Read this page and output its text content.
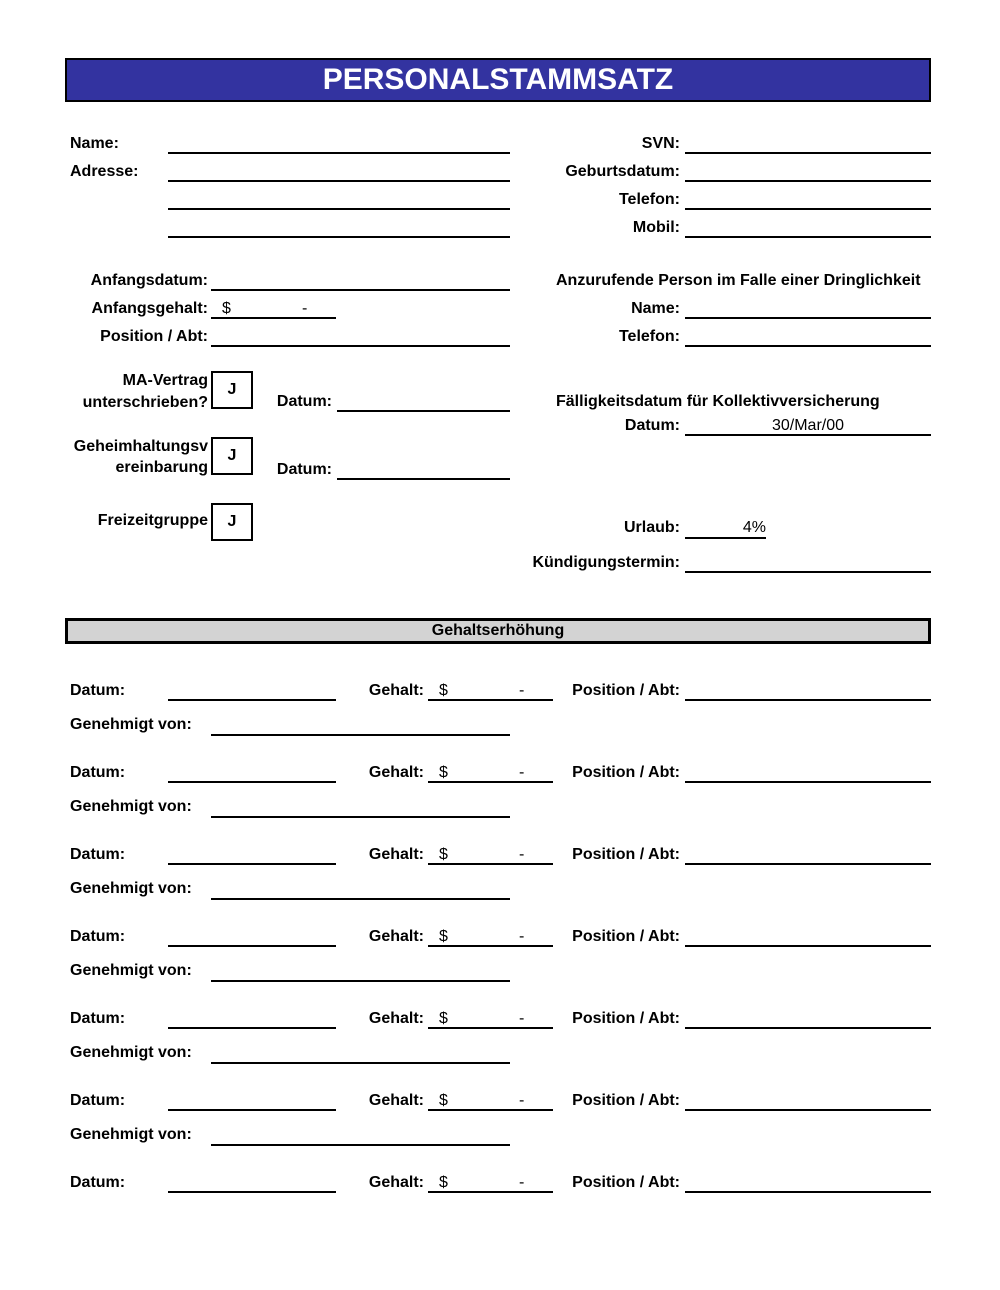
PERSONALSTAMMSATZ
Name:
Adresse:
SVN:
Geburtsdatum:
Telefon:
Mobil:
Anfangsdatum:
Anfangsgehalt: $	-
Position / Abt:
MA-Vertrag
unterschrieben?
J
Datum:
Geheimhaltungsv
ereinbarung
J
Datum:
Freizeitgruppe	J
Anzurufende Person im Falle einer Dringlichkeit
Name:
Telefon:
Fälligkeitsdatum für Kollektivversicherung
Datum:	30/Mar/00
Urlaub:	4%
Kündigungstermin:
Gehaltserhöhung
Datum:	Gehalt: $	-	Position / Abt:
Genehmigt von:
Datum:	Gehalt: $	-	Position / Abt:
Genehmigt von:
Datum:	Gehalt: $	-	Position / Abt:
Genehmigt von:
Datum:	Gehalt: $	-	Position / Abt:
Genehmigt von:
Datum:	Gehalt: $	-	Position / Abt:
Genehmigt von:
Datum:	Gehalt: $	-	Position / Abt:
Genehmigt von:
Datum:	Gehalt: $	-	Position / Abt:
